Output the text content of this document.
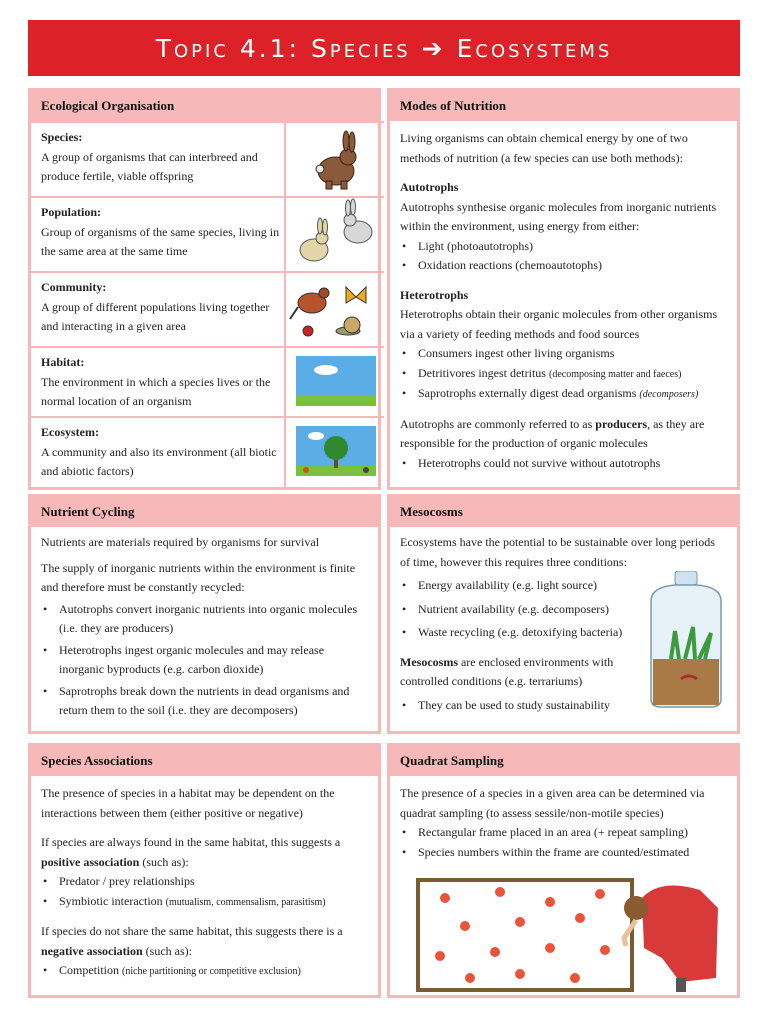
Topic 4.1: Species ➔ Ecosystems
Ecological Organisation
Species:
A group of organisms that can interbreed and produce fertile, viable offspring
Population:
Group of organisms of the same species, living in the same area at the same time
Community:
A group of different populations living together and interacting in a given area
Habitat:
The environment in which a species lives or the normal location of an organism
Ecosystem:
A community and also its environment (all biotic and abiotic factors)
Modes of Nutrition

Living organisms can obtain chemical energy by one of two methods of nutrition (a few species can use both methods):

Autotrophs

Autotrophs synthesise organic molecules from inorganic nutrients within the environment, using energy from either:

• Light (photoautotrophs)
• Oxidation reactions (chemoautotophs)

Heterotrophs

Heterotrophs obtain their organic molecules from other organisms via a variety of feeding methods and food sources

• Consumers ingest other living organisms
• Detritivores ingest detritus (decomposing matter and faeces)
• Saprotrophs externally digest dead organisms (decomposers)

Autotrophs are commonly referred to as producers, as they are responsible for the production of organic molecules

• Heterotrophs could not survive without autotrophs
Nutrient Cycling

Nutrients are materials required by organisms for survival

The supply of inorganic nutrients within the environment is finite and therefore must be constantly recycled:

• Autotrophs convert inorganic nutrients into organic molecules (i.e. they are producers)
• Heterotrophs ingest organic molecules and may release inorganic byproducts (e.g. carbon dioxide)
• Saprotrophs break down the nutrients in dead organisms and return them to the soil (i.e. they are decomposers)
Mesocosms

Ecosystems have the potential to be sustainable over long periods of time, however this requires three conditions:

• Energy availability (e.g. light source)
• Nutrient availability (e.g. decomposers)
• Waste recycling (e.g. detoxifying bacteria)

Mesocosms are enclosed environments with controlled conditions (e.g. terrariums)

• They can be used to study sustainability
Species Associations

The presence of species in a habitat may be dependent on the interactions between them (either positive or negative)

If species are always found in the same habitat, this suggests a positive association (such as):

• Predator / prey relationships
• Symbiotic interaction (mutualism, commensalism, parasitism)

If species do not share the same habitat, this suggests there is a negative association (such as):

• Competition (niche partitioning or competitive exclusion)
Quadrat Sampling

The presence of a species in a given area can be determined via quadrat sampling (to assess sessile/non-motile species)

• Rectangular frame placed in an area (+ repeat sampling)
• Species numbers within the frame are counted/estimated
